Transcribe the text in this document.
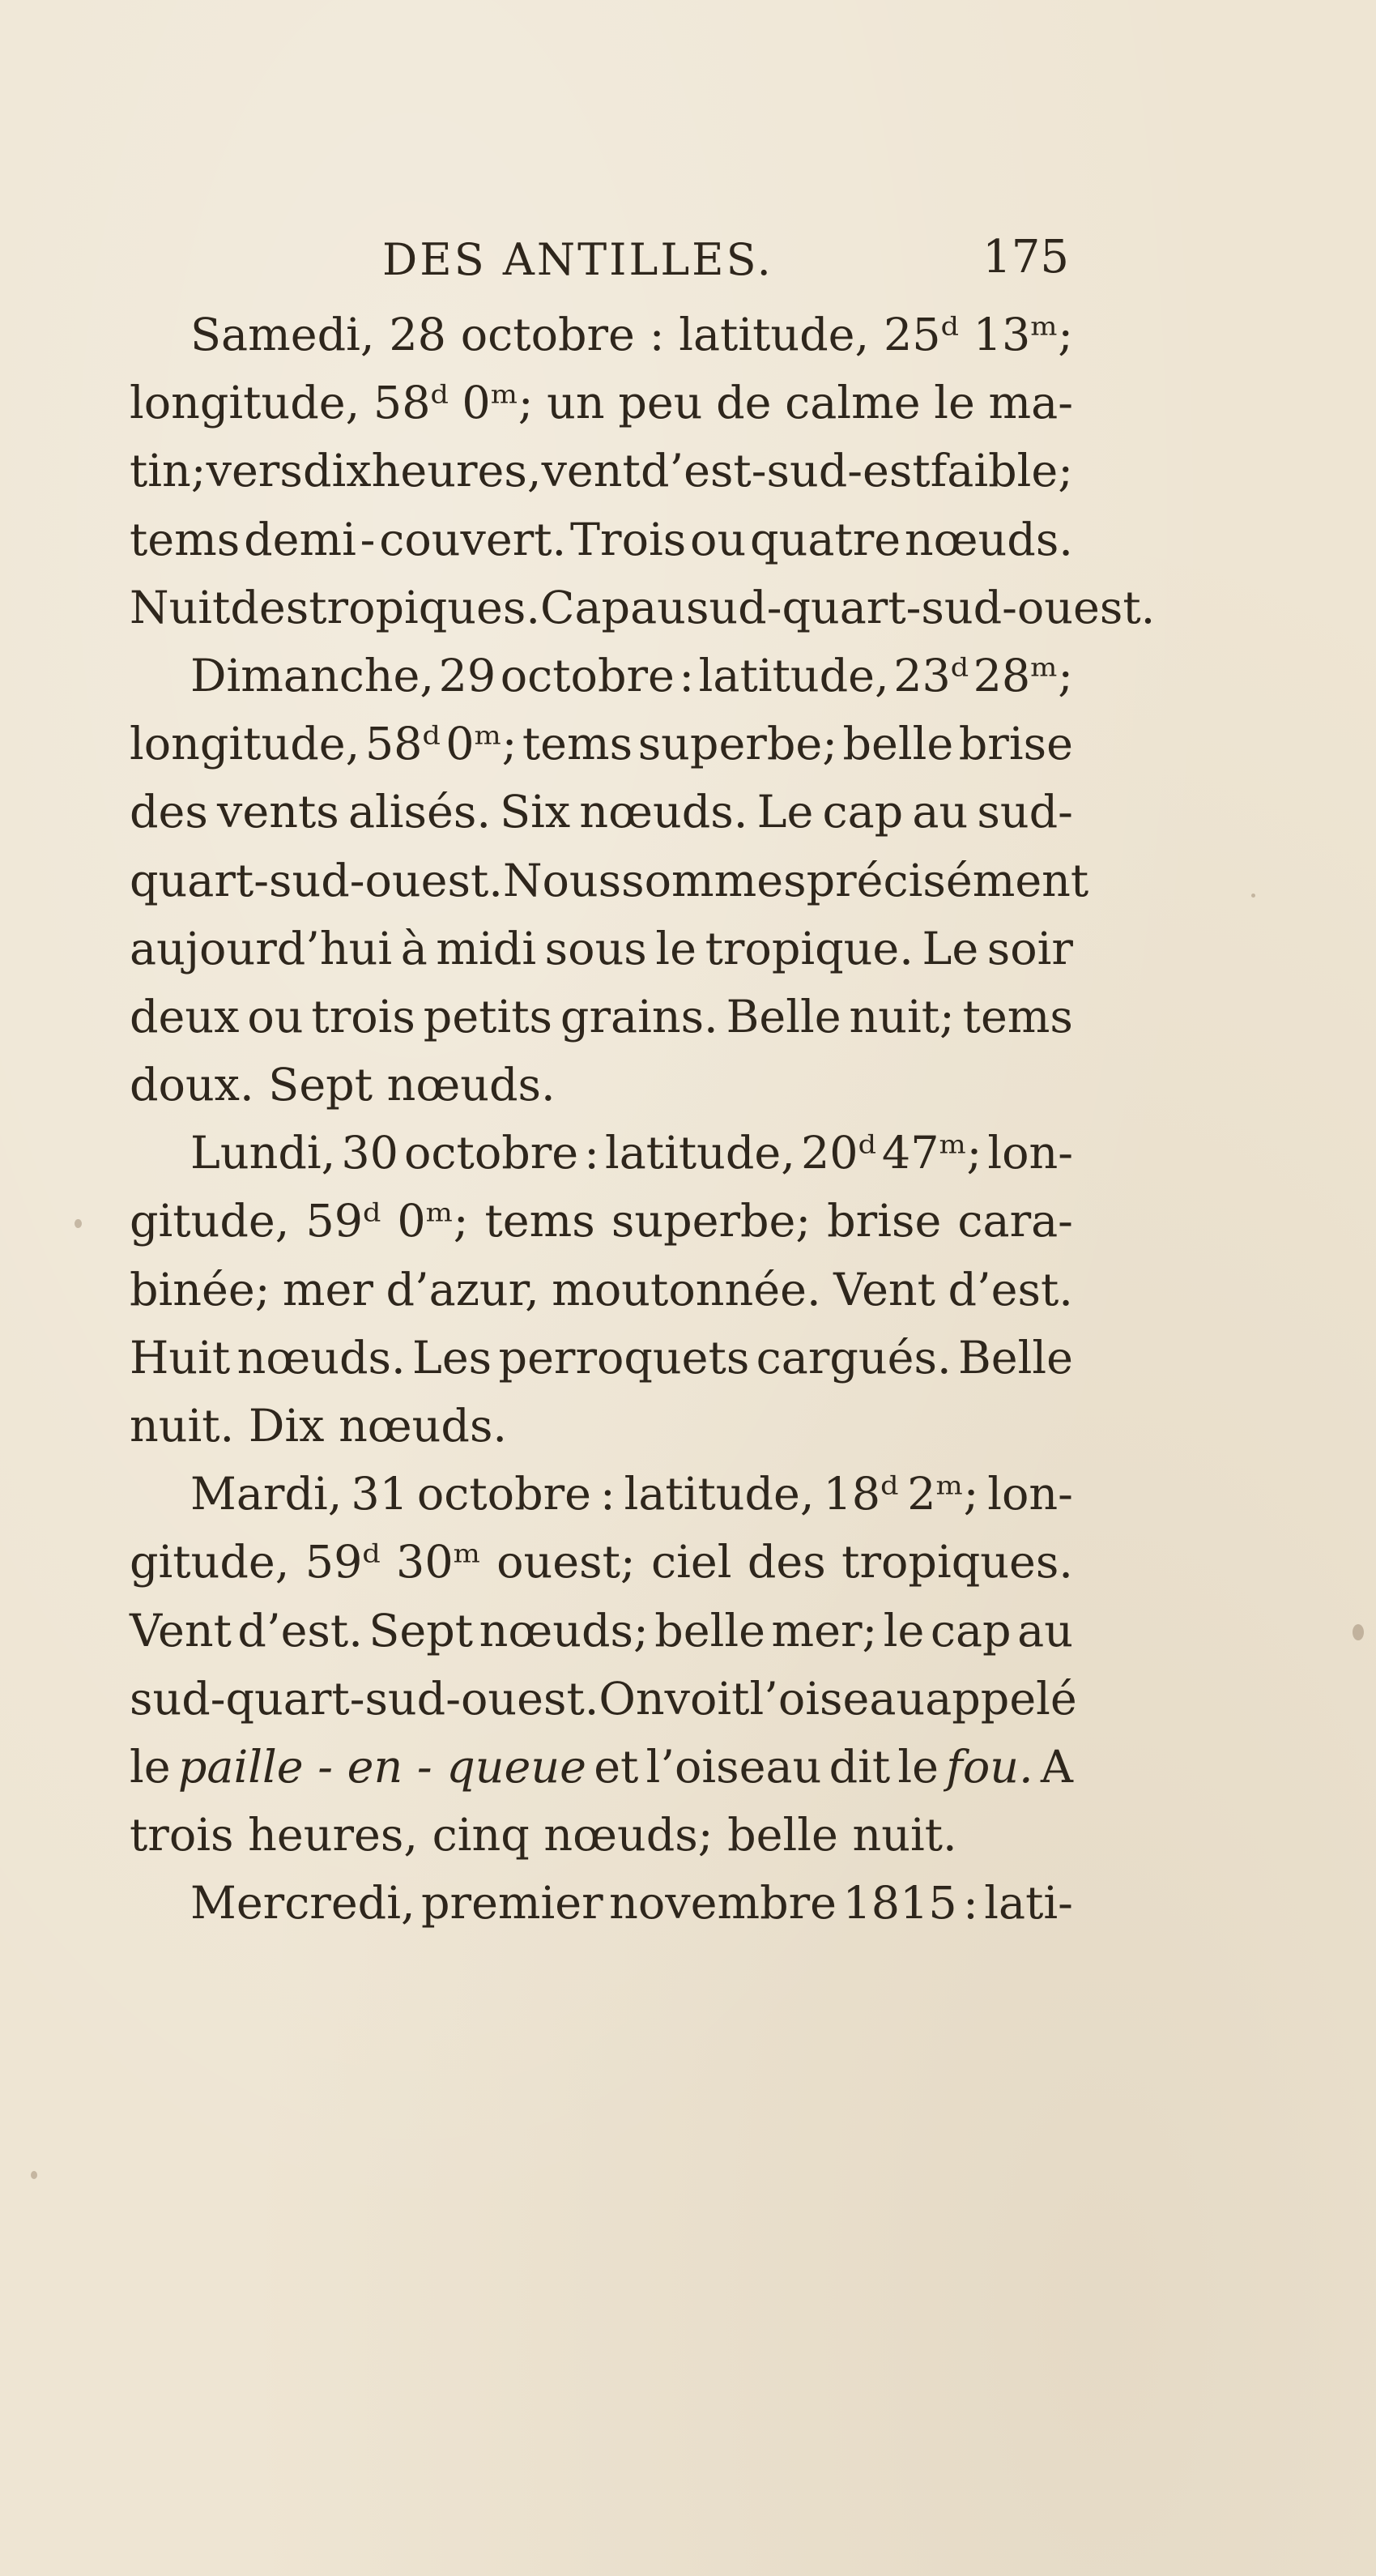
DES ANTILLES.	175
Samedi, 28 octobre : latitude, 25ᵈ 13ᵐ;
longitude, 58ᵈ 0ᵐ; un peu de calme le ma-
tin; vers dix heures, vent d’est-sud-est faible;
tems demi - couvert. Trois ou quatre nœuds.
Nuit des tropiques. Cap au sud-quart-sud-ouest.
Dimanche, 29 octobre : latitude, 23ᵈ 28ᵐ;
longitude, 58ᵈ 0ᵐ; tems superbe; belle brise
des vents alisés. Six nœuds. Le cap au sud-
quart - sud - ouest. Nous sommes précisément
aujourd’hui à midi sous le tropique. Le soir
deux ou trois petits grains. Belle nuit; tems
doux.
Sept
nœuds.
Lundi, 30 octobre : latitude, 20ᵈ 47ᵐ; lon-
gitude, 59ᵈ 0ᵐ; tems superbe; brise cara-
binée; mer d’azur, moutonnée. Vent d’est.
Huit nœuds. Les perroquets cargués. Belle
nuit.
Dix
nœuds.
Mardi, 31 octobre : latitude, 18ᵈ 2ᵐ; lon-
gitude, 59ᵈ 30ᵐ ouest; ciel des tropiques.
Vent d’est. Sept nœuds; belle mer; le cap au
sud-quart-sud-ouest. On voit l’oiseau appelé
le paille - en - queue et l’oiseau dit le fou. A
trois
heures,
cinq
nœuds;
belle
nuit.
Mercredi, premier novembre 1815 : lati-
